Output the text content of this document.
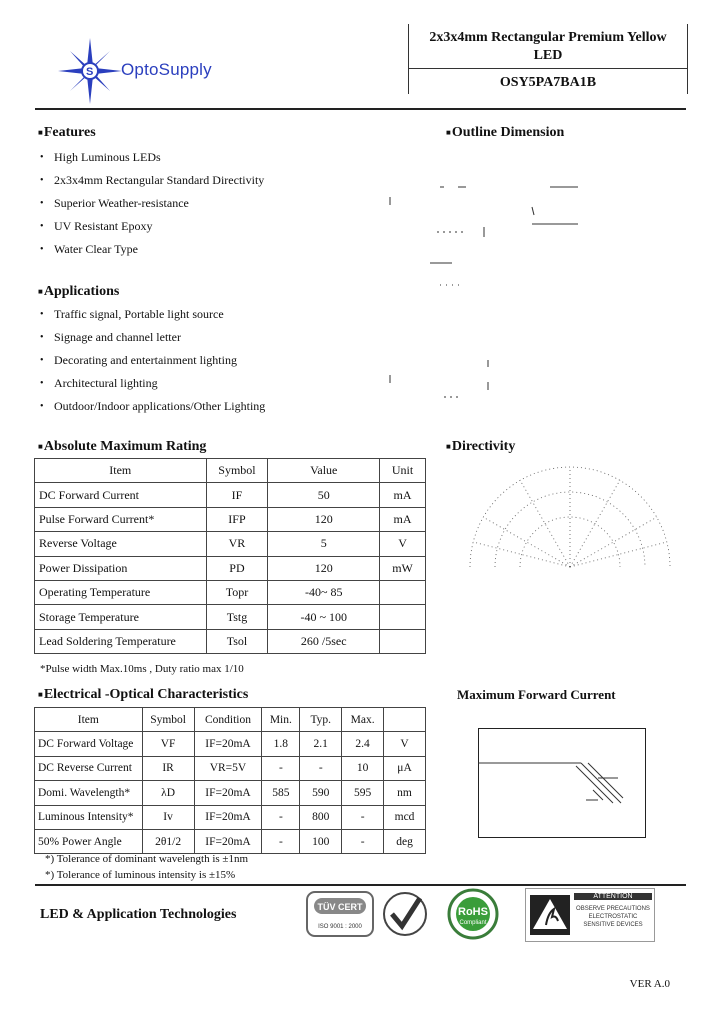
S OptoSupply
2x3x4mm Rectangular Premium Yellow
LED
OSY5PA7BA1B
■Features
• High Luminous LEDs
• 2x3x4mm Rectangular Standard Directivity
• Superior Weather-resistance
• UV Resistant Epoxy
• Water Clear Type
■Outline Dimension
■Applications
• Traffic signal, Portable light source
• Signage and channel letter
• Decorating and entertainment lighting
• Architectural lighting
• Outdoor/Indoor applications/Other Lighting
■Absolute Maximum Rating
Item	Symbol	Value	Unit
DC Forward Current	IF	50	mA
Pulse Forward Current*	IFP	120	mA
Reverse Voltage	VR	5	V
Power Dissipation	PD	120	mW
Operating Temperature	Topr	-40~ 85	
Storage Temperature	Tstg	-40 ~ 100	
Lead Soldering Temperature	Tsol	260 /5sec	
*Pulse width Max.10ms , Duty ratio max 1/10
■Directivity
■Electrical -Optical Characteristics
Item	Symbol	Condition	Min.	Typ.	Max.	
DC Forward Voltage	VF	IF=20mA	1.8	2.1	2.4	V
DC Reverse Current	IR	VR=5V	-	-	10	μA
Domi. Wavelength*	λD	IF=20mA	585	590	595	nm
Luminous Intensity*	Iv	IF=20mA	-	800	-	mcd
50% Power Angle	2θ1/2	IF=20mA	-	100	-	deg
*) Tolerance of dominant wavelength is ±1nm
*) Tolerance of luminous intensity is ±15%
Maximum Forward Current
LED & Application Technologies	TÜV CERT
ISO 9001 : 2000
RoHS
Compliant
ATTENTION
OBSERVE PRECAUTIONS
ELECTROSTATIC
SENSITIVE DEVICES
VER A.0
